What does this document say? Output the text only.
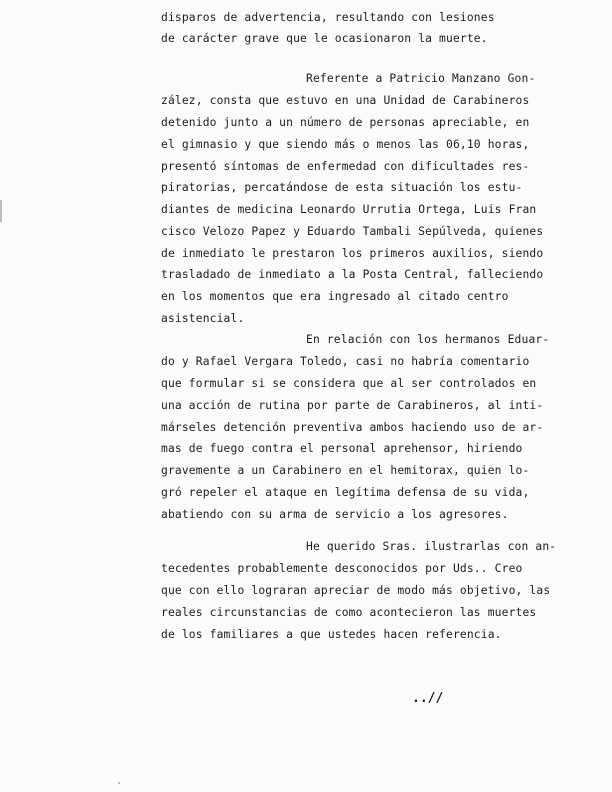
disparos de advertencia, resultando con lesiones
de carácter grave que le ocasionaron la muerte.
Referente a Patricio Manzano Gon-
zález, consta que estuvo en una Unidad de Carabineros
detenido junto a un número de personas apreciable, en
el gimnasio y que siendo más o menos las 06,10 horas,
presentó síntomas de enfermedad con dificultades res-
piratorias, percatándose de esta situación los estu-
diantes de medicina Leonardo Urrutia Ortega, Luis Fran
cisco Velozo Papez y Eduardo Tambali Sepúlveda, quienes
de inmediato le prestaron los primeros auxilios, siendo
trasladado de inmediato a la Posta Central, falleciendo
en los momentos que era ingresado al citado centro
asistencial.
En relación con los hermanos Eduar-
do y Rafael Vergara Toledo, casi no habría comentario
que formular si se considera que al ser controlados en
una acción de rutina por parte de Carabineros, al inti-
márseles detención preventiva ambos haciendo uso de ar-
mas de fuego contra el personal aprehensor, hiriendo
gravemente a un Carabinero en el hemitorax, quien lo-
gró repeler el ataque en legítima defensa de su vida,
abatiendo con su arma de servicio a los agresores.
He querido Sras. ilustrarlas con an-
tecedentes probablemente desconocidos por Uds.. Creo
que con ello lograran apreciar de modo más objetivo, las
reales circunstancias de como acontecieron las muertes
de los familiares a que ustedes hacen referencia.
..//
